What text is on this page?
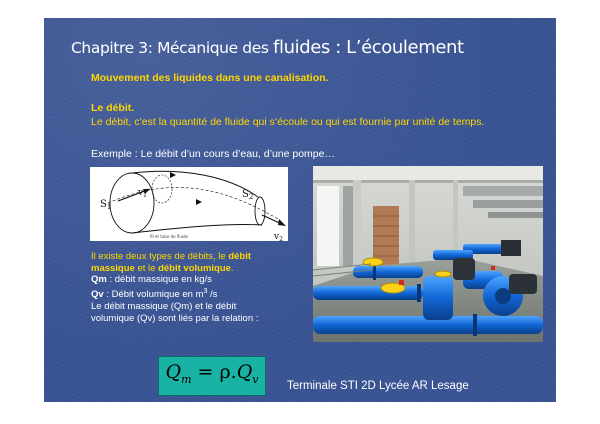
Chapitre 3: Mécanique des fluides : L’écoulement
Mouvement des liquides dans une canalisation.
Le débit.
Le débit, c’est la quantité de fluide qui s’écoule ou qui est fournie par unité de temps.
Exemple : Le débit d’un cours d’eau, d’une pompe…
$S_1$
$v_1$	$S_2$
$v_2$
fil et tube de fluide
Il existe deux types de débits, le débit massique et le débit volumique.
Qm : débit massique en kg/s
Qv : Débit volumique en $m^3$ /s
Le débit massique (Qm) et le débit volumique (Qv) sont liés par la relation :
$Q_m = \rho.Q_v$
Terminale STI 2D Lycée AR Lesage
